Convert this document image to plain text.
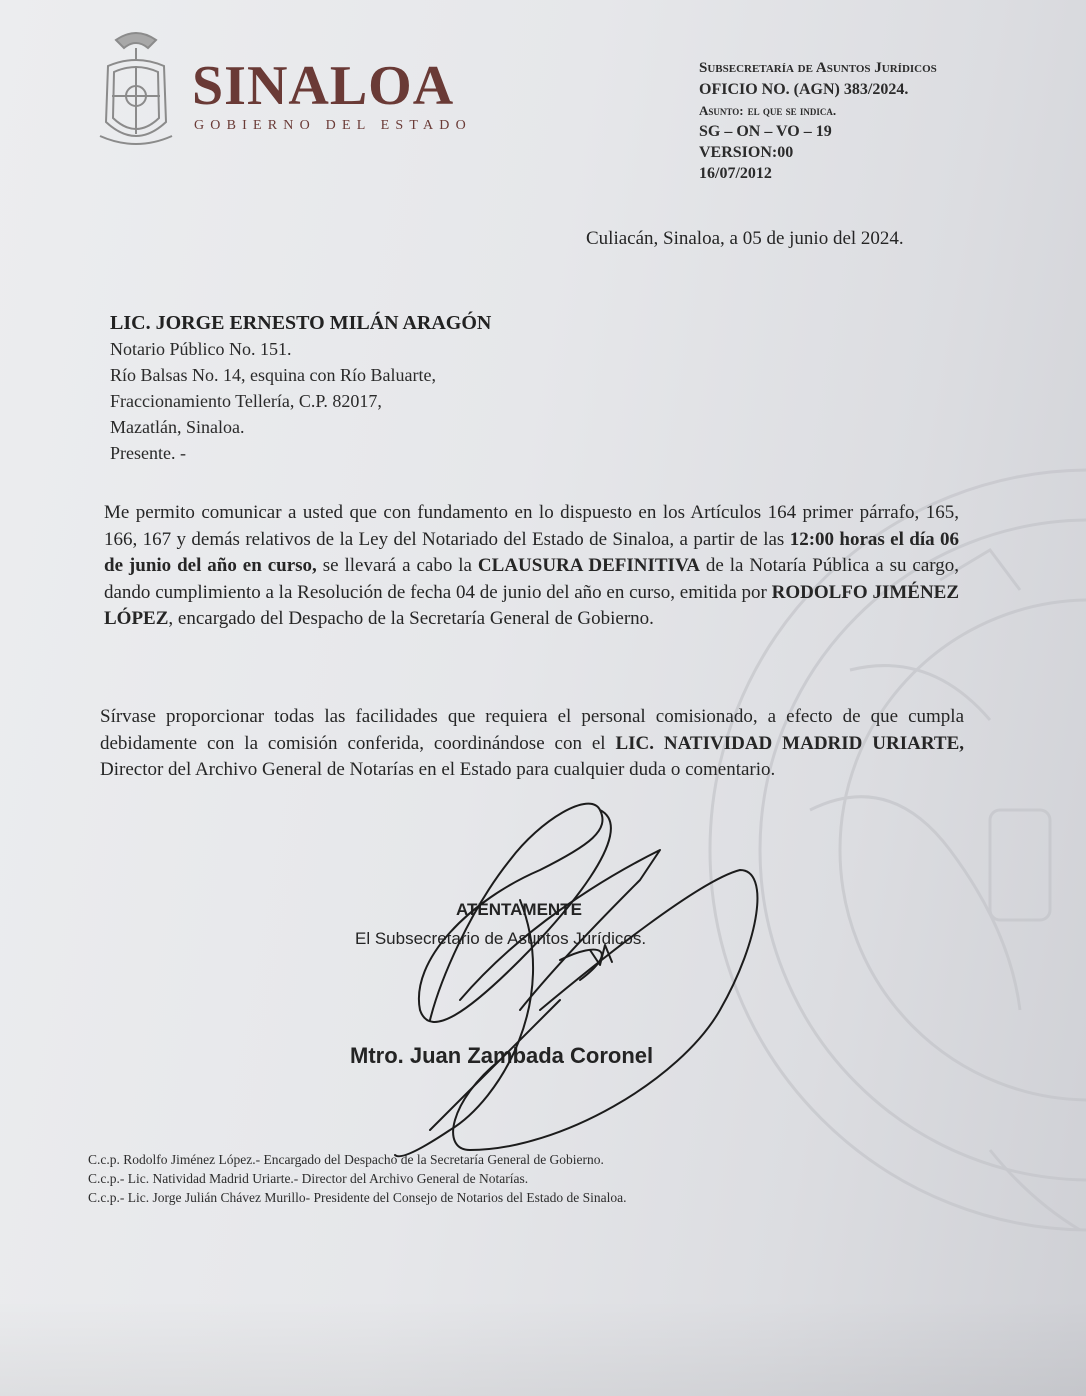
SINALOA
GOBIERNO DEL ESTADO
Subsecretaría de Asuntos Jurídicos
OFICIO NO. (AGN) 383/2024.
Asunto: el que se indica.
SG – ON – VO – 19
VERSION:00
16/07/2012
Culiacán, Sinaloa, a 05 de junio del 2024.
LIC. JORGE ERNESTO MILÁN ARAGÓN
Notario Público No. 151.
Río Balsas No. 14, esquina con Río Baluarte,
Fraccionamiento Tellería, C.P. 82017,
Mazatlán, Sinaloa.
Presente. -
Me permito comunicar a usted que con fundamento en lo dispuesto en los Artículos 164 primer párrafo, 165, 166, 167 y demás relativos de la Ley del Notariado del Estado de Sinaloa, a partir de las 12:00 horas el día 06 de junio del año en curso, se llevará a cabo la CLAUSURA DEFINITIVA de la Notaría Pública a su cargo, dando cumplimiento a la Resolución de fecha 04 de junio del año en curso, emitida por RODOLFO JIMÉNEZ LÓPEZ, encargado del Despacho de la Secretaría General de Gobierno.
Sírvase proporcionar todas las facilidades que requiera el personal comisionado, a efecto de que cumpla debidamente con la comisión conferida, coordinándose con el LIC. NATIVIDAD MADRID URIARTE, Director del Archivo General de Notarías en el Estado para cualquier duda o comentario.
ATENTAMENTE
El Subsecretario de Asuntos Jurídicos.
Mtro. Juan Zambada Coronel
C.c.p. Rodolfo Jiménez López.- Encargado del Despacho de la Secretaría General de Gobierno.
C.c.p.- Lic. Natividad Madrid Uriarte.- Director del Archivo General de Notarías.
C.c.p.- Lic. Jorge Julián Chávez Murillo- Presidente del Consejo de Notarios del Estado de Sinaloa.
